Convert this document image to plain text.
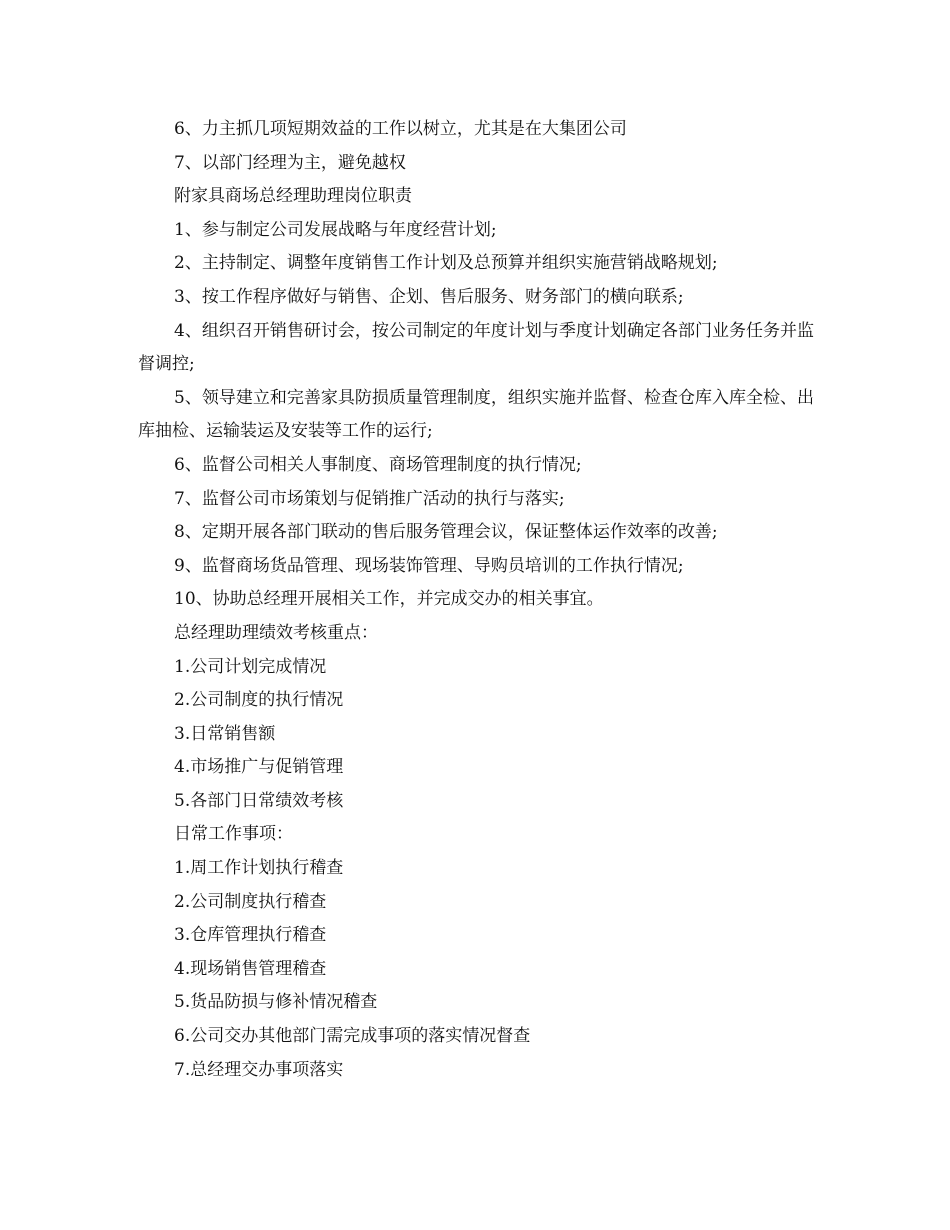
6、力主抓几项短期效益的工作以树立，尤其是在大集团公司

7、以部门经理为主，避免越权

附家具商场总经理助理岗位职责

1、参与制定公司发展战略与年度经营计划;

2、主持制定、调整年度销售工作计划及总预算并组织实施营销战略规划;

3、按工作程序做好与销售、企划、售后服务、财务部门的横向联系;

4、组织召开销售研讨会，按公司制定的年度计划与季度计划确定各部门业务任务并监督调控;

5、领导建立和完善家具防损质量管理制度，组织实施并监督、检查仓库入库全检、出库抽检、运输装运及安装等工作的运行;

6、监督公司相关人事制度、商场管理制度的执行情况;

7、监督公司市场策划与促销推广活动的执行与落实;

8、定期开展各部门联动的售后服务管理会议，保证整体运作效率的改善;

9、监督商场货品管理、现场装饰管理、导购员培训的工作执行情况;

10、协助总经理开展相关工作，并完成交办的相关事宜。

总经理助理绩效考核重点：

1.公司计划完成情况

2.公司制度的执行情况

3.日常销售额

4.市场推广与促销管理

5.各部门日常绩效考核

日常工作事项：

1.周工作计划执行稽查

2.公司制度执行稽查

3.仓库管理执行稽查

4.现场销售管理稽查

5.货品防损与修补情况稽查

6.公司交办其他部门需完成事项的落实情况督查

7.总经理交办事项落实
